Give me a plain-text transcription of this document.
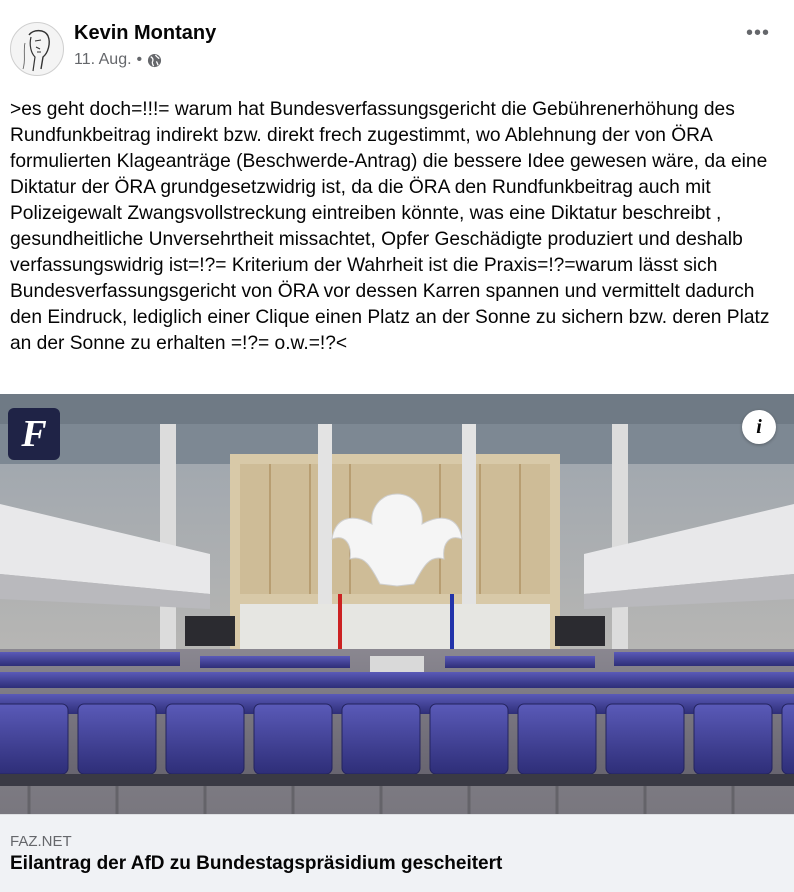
Kevin Montany
11. Aug. •
•••

>es geht doch=!!!= warum hat Bundesverfassungsgericht die Gebührenerhöhung des Rundfunkbeitrag indirekt bzw. direkt frech zugestimmt, wo Ablehnung der von ÖRA formulierten Klageanträge (Beschwerde-Antrag) die bessere Idee gewesen wäre, da eine Diktatur der ÖRA grundgesetzwidrig ist, da die ÖRA den Rundfunkbeitrag auch mit Polizeigewalt Zwangsvollstreckung eintreiben könnte, was eine Diktatur beschreibt , gesundheitliche Unversehrtheit missachtet, Opfer Geschädigte produziert und deshalb verfassungswidrig ist=!?= Kriterium der Wahrheit ist die Praxis=!?=warum lässt sich Bundesverfassungsgericht von ÖRA vor dessen Karren spannen und vermittelt dadurch den Eindruck, lediglich einer Clique einen Platz an der Sonne zu sichern bzw. deren Platz an der Sonne zu erhalten =!?= o.w.=!?<

F	i
FAZ.NET
Eilantrag der AfD zu Bundestagspräsidium gescheitert
